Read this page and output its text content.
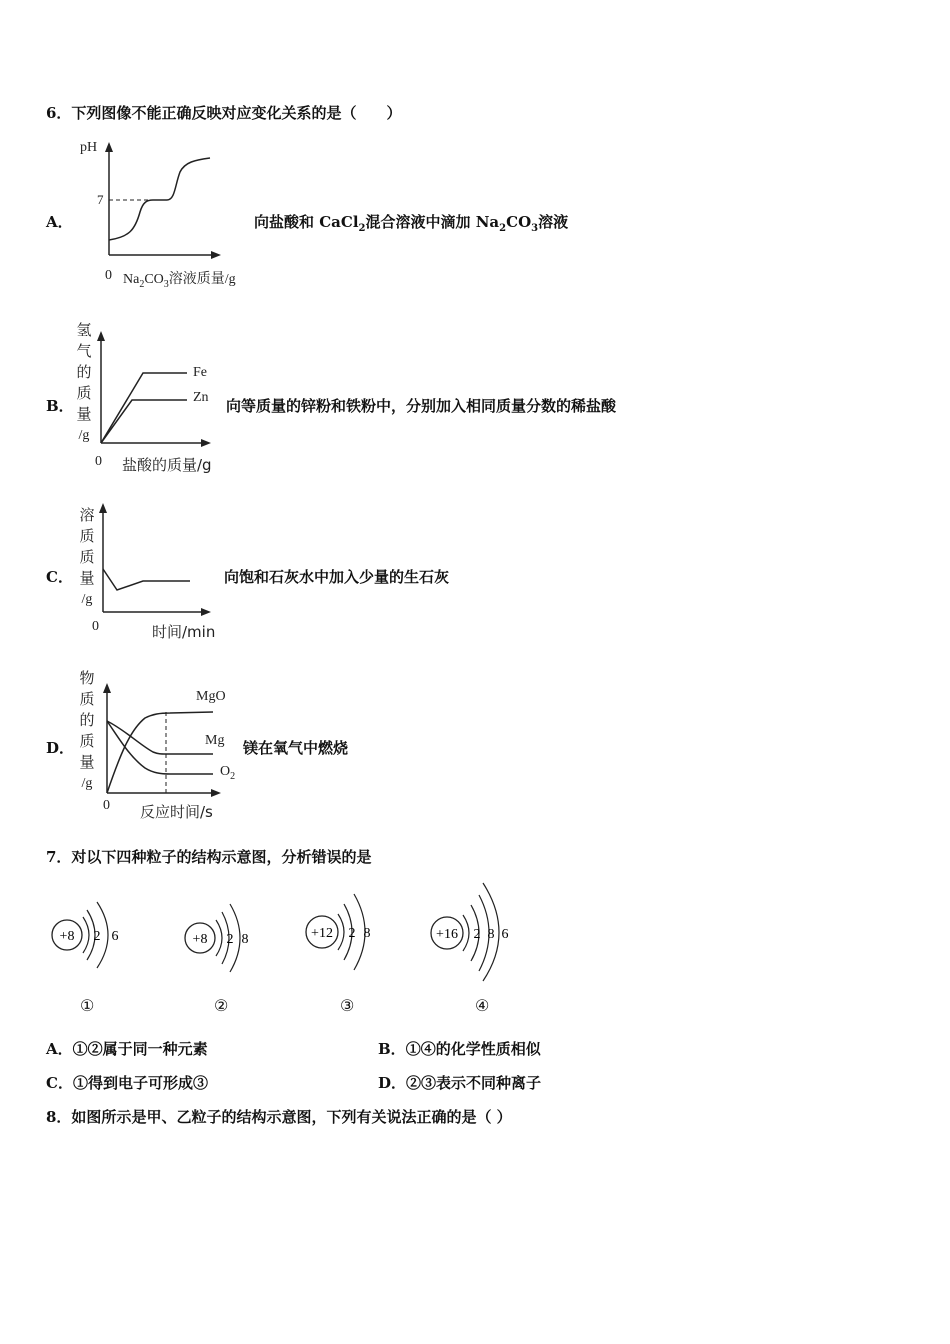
6．下列图像不能正确反映对应变化关系的是（　　）
A．
pH
7
0 $Na_2CO_3$溶液质量/g
向盐酸和 CaCl$_2$混合溶液中滴加 $Na_2CO_3$溶液
B．
氢
气
的
质
量
/g
Fe
Zn
0 盐酸的质量/g
向等质量的锌粉和铁粉中，分别加入相同质量分数的稀盐酸
C．
溶
质
质
量
/g
0	时间/min
向饱和石灰水中加入少量的生石灰
D．
物
质
的
质
量
/g
MgO
Mg
$O_2$
0 反应时间/s
镁在氧气中燃烧
7．对以下四种粒子的结构示意图，分析错误的是
+8 2 6
①
+8 2 8
②
+12 2 8
③
+16 2 8 6
④
A．①②属于同一种元素	B．①④的化学性质相似
C．①得到电子可形成③	D．②③表示不同种离子
8．如图所示是甲、乙粒子的结构示意图，下列有关说法正确的是（ ）
